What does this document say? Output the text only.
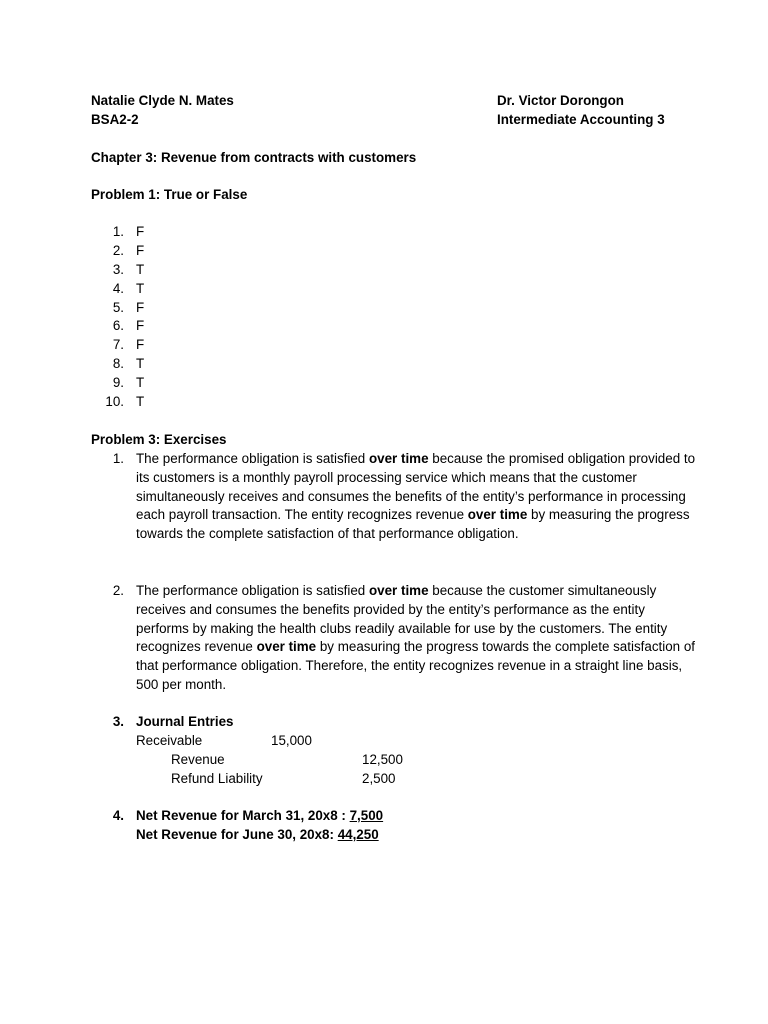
Natalie Clyde N. Mates
BSA2-2
Dr. Victor Dorongon
Intermediate Accounting 3
Chapter 3: Revenue from contracts with customers
Problem 1: True or False
1. F
2. F
3. T
4. T
5. F
6. F
7. F
8. T
9. T
10. T
Problem 3: Exercises
1. The performance obligation is satisfied over time because the promised obligation provided to its customers is a monthly payroll processing service which means that the customer simultaneously receives and consumes the benefits of the entity’s performance in processing each payroll transaction. The entity recognizes revenue over time by measuring the progress towards the complete satisfaction of that performance obligation.
2. The performance obligation is satisfied over time because the customer simultaneously receives and consumes the benefits provided by the entity’s performance as the entity performs by making the health clubs readily available for use by the customers. The entity recognizes revenue over time by measuring the progress towards the complete satisfaction of that performance obligation. Therefore, the entity recognizes revenue in a straight line basis, 500 per month.
3. Journal Entries
Receivable	15,000
Revenue	12,500
Refund Liability	2,500
4. Net Revenue for March 31, 20x8 : 7,500
Net Revenue for June 30, 20x8: 44,250
